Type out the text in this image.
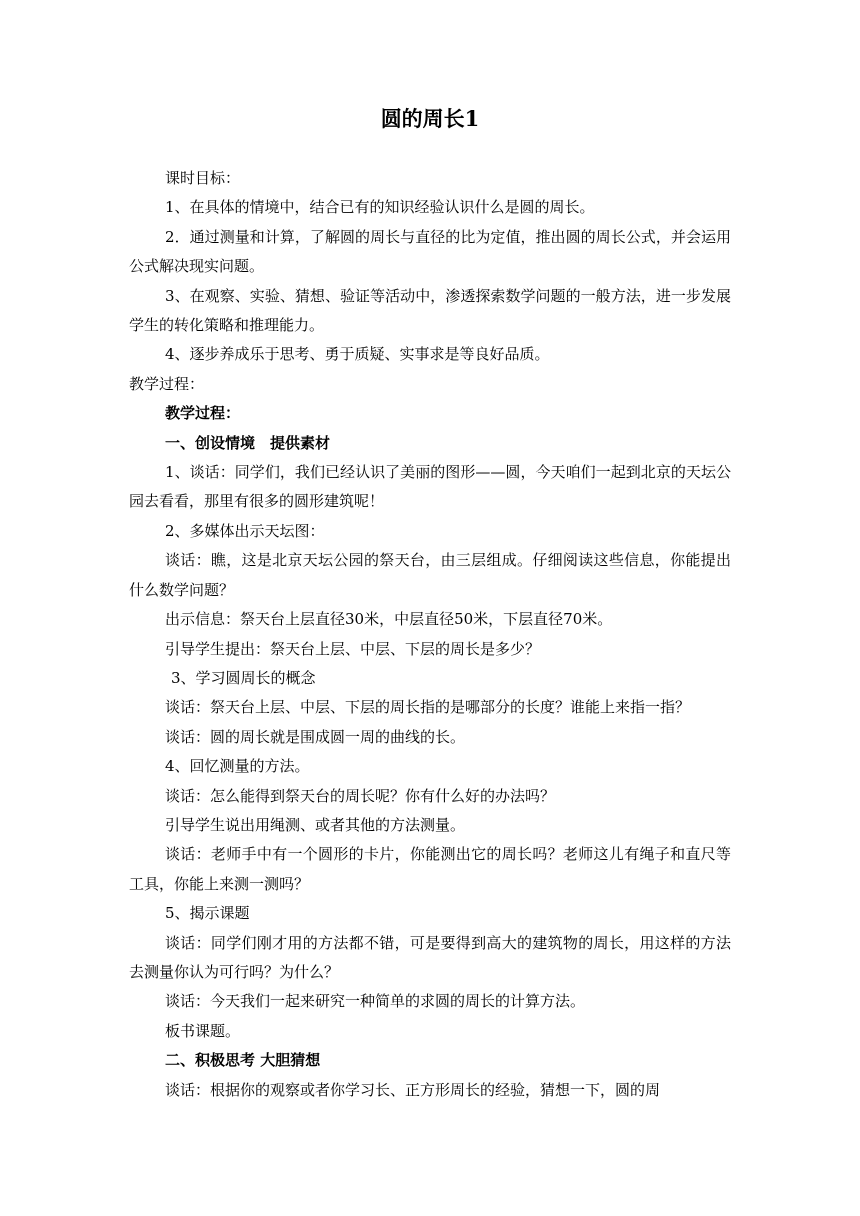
圆的周长1

课时目标：

1、在具体的情境中，结合已有的知识经验认识什么是圆的周长。

2．通过测量和计算，了解圆的周长与直径的比为定值，推出圆的周长公式，并会运用公式解决现实问题。

3、在观察、实验、猜想、验证等活动中，渗透探索数学问题的一般方法，进一步发展学生的转化策略和推理能力。

4、逐步养成乐于思考、勇于质疑、实事求是等良好品质。

教学过程：

教学过程：

一、创设情境　提供素材

1、谈话：同学们，我们已经认识了美丽的图形——圆，今天咱们一起到北京的天坛公园去看看，那里有很多的圆形建筑呢！

2、多媒体出示天坛图：

谈话：瞧，这是北京天坛公园的祭天台，由三层组成。仔细阅读这些信息，你能提出什么数学问题？

出示信息：祭天台上层直径30米，中层直径50米，下层直径70米。

引导学生提出：祭天台上层、中层、下层的周长是多少？

3、学习圆周长的概念

谈话：祭天台上层、中层、下层的周长指的是哪部分的长度？谁能上来指一指？

谈话：圆的周长就是围成圆一周的曲线的长。

4、回忆测量的方法。

谈话：怎么能得到祭天台的周长呢？你有什么好的办法吗？

引导学生说出用绳测、或者其他的方法测量。

谈话：老师手中有一个圆形的卡片，你能测出它的周长吗？老师这儿有绳子和直尺等工具，你能上来测一测吗？

5、揭示课题

谈话：同学们刚才用的方法都不错，可是要得到高大的建筑物的周长，用这样的方法去测量你认为可行吗？为什么？

谈话：今天我们一起来研究一种简单的求圆的周长的计算方法。

板书课题。

二、积极思考 大胆猜想

谈话：根据你的观察或者你学习长、正方形周长的经验，猜想一下，圆的周
